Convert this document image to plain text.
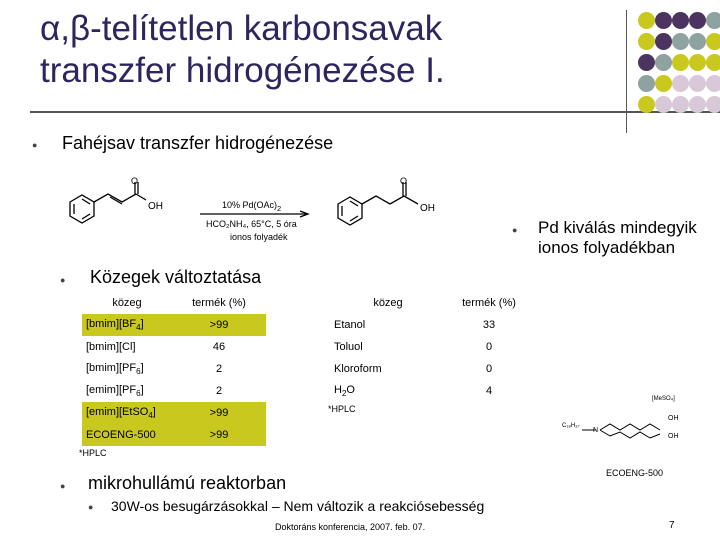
α,β-telítetlen karbonsavak
transzfer hidrogénezése I.
● Fahéjsav transzfer hidrogénezése
O
OH
O
OH
10% $Pd(OAc)_2$
HCO₂NH₄, 65°C, 5 óra
ionos folyadék
● Pd kiválás mindegyik
ionos folyadékban
● Közegek változtatása
közeg	termék (%)
$[bmim][BF_4]$	>99
[bmim][Cl]	46
$[bmim][PF_6]$	2
$[emim][PF_6]$	2
[emim][EtSO$_4$]	>99
ECOENG-500	>99
*HPLC
közeg	termék (%)
Etanol	33
Toluol	0
Kloroform	0
$H_2O$	4
*HPLC
[MeSO₄]
C₁₈H₃₇
N
OH
OH
ECOENG-500
● mikrohullámú reaktorban
● 30W-os besugárzásokkal – Nem változik a reakciósebesség
Doktoráns konferencia, 2007. feb. 07.	7
